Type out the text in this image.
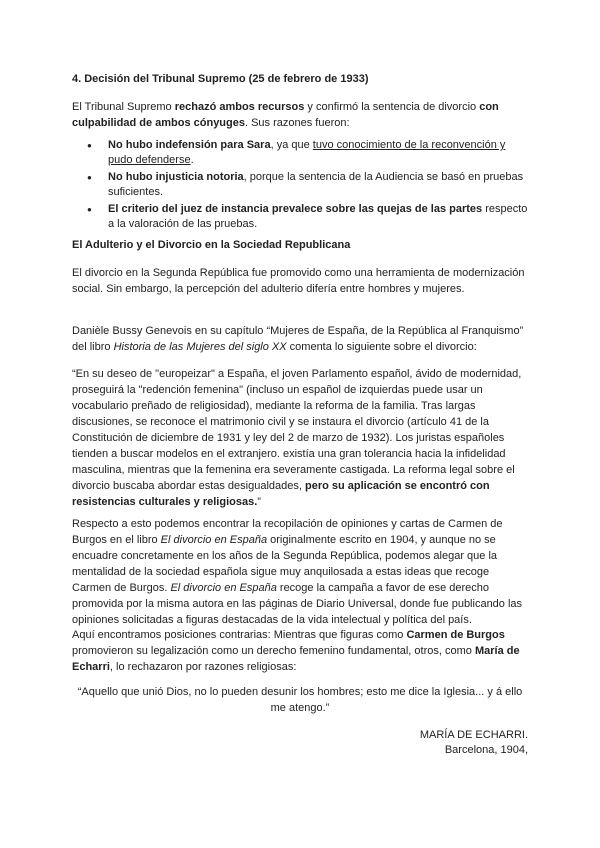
4. Decisión del Tribunal Supremo (25 de febrero de 1933)

El Tribunal Supremo rechazó ambos recursos y confirmó la sentencia de divorcio con culpabilidad de ambos cónyuges. Sus razones fueron:

● No hubo indefensión para Sara, ya que tuvo conocimiento de la reconvención y pudo defenderse.
● No hubo injusticia notoria, porque la sentencia de la Audiencia se basó en pruebas suficientes.
● El criterio del juez de instancia prevalece sobre las quejas de las partes respecto a la valoración de las pruebas.

El Adulterio y el Divorcio en la Sociedad Republicana

El divorcio en la Segunda República fue promovido como una herramienta de modernización social. Sin embargo, la percepción del adulterio difería entre hombres y mujeres.

Danièle Bussy Genevois en su capítulo “Mujeres de España, de la República al Franquismo” del libro Historia de las Mujeres del siglo XX comenta lo siguiente sobre el divorcio:

“En su deseo de "europeizar" a España, el joven Parlamento español, ávido de modernidad, proseguirá la "redención femenina" (incluso un español de izquierdas puede usar un vocabulario preñado de religiosidad), mediante la reforma de la familia. Tras largas discusiones, se reconoce el matrimonio civil y se instaura el divorcio (artículo 41 de la Constitución de diciembre de 1931 y ley del 2 de marzo de 1932). Los juristas españoles tienden a buscar modelos en el extranjero. existía una gran tolerancia hacia la infidelidad masculina, mientras que la femenina era severamente castigada. La reforma legal sobre el divorcio buscaba abordar estas desigualdades, pero su aplicación se encontró con resistencias culturales y religiosas.”

Respecto a esto podemos encontrar la recopilación de opiniones y cartas de Carmen de Burgos en el libro El divorcio en España originalmente escrito en 1904, y aunque no se encuadre concretamente en los años de la Segunda República, podemos alegar que la mentalidad de la sociedad española sigue muy anquilosada a estas ideas que recoge Carmen de Burgos. El divorcio en España recoge la campaña a favor de ese derecho promovida por la misma autora en las páginas de Diario Universal, donde fue publicando las opiniones solicitadas a figuras destacadas de la vida intelectual y política del país.

Aquí encontramos posiciones contrarias: Mientras que figuras como Carmen de Burgos promovieron su legalización como un derecho femenino fundamental, otros, como María de Echarri, lo rechazaron por razones religiosas:

“Aquello que unió Dios, no lo pueden desunir los hombres; esto me dice la Iglesia... y á ello me atengo.”

MARÍA DE ECHARRI.

Barcelona, 1904,
